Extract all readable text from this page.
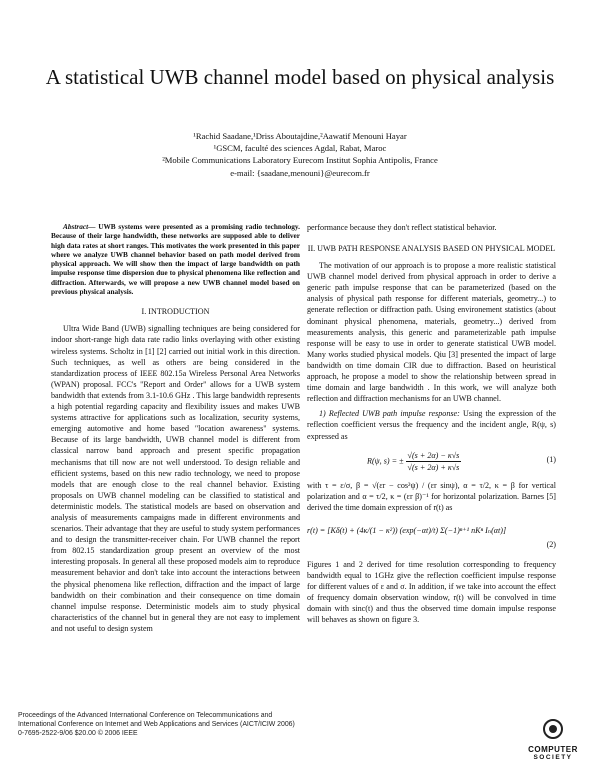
A statistical UWB channel model based on physical analysis
¹Rachid Saadane,¹Driss Aboutajdine,²Aawatif Menouni Hayar
¹GSCM, faculté des sciences Agdal, Rabat, Maroc
²Mobile Communications Laboratory Eurecom Institut Sophia Antipolis, France
e-mail: {saadane,menouni}@eurecom.fr

Abstract— UWB systems were presented as a promising radio technology. Because of their large handwidth, these networks are supposed able to deliver high data rates at short ranges. This motivates the work presented in this paper where we analyze UWB channel behavior based on path model derived from physical approach. We will show then the impact of large bandwidth on path impulse response time dispersion due to physical phenomena like reflection and diffraction. Afterwards, we will propose a new UWB channel model based on previous physical analysis.

I. INTRODUCTION

Ultra Wide Band (UWB) signalling techniques are being considered for indoor short-range high data rate radio links overlaying with other existing wireless systems. Scholtz in [1] [2] carried out initial work in this direction. Such techniques, as well as others are being considered in the standardization process of IEEE 802.15a Wireless Personal Area Networks (WPAN) proposal. FCC's "Report and Order" allows for a UWB system bandwidth that extends from 3.1-10.6 GHz . This large bandwidth represents a high potential regarding capacity and flexibility issues and makes UWB systems attractive for applications such as localization, security systems, emerging automotive and home based "location awareness" systems. Because of its large bandwidth, UWB channel model is different from classical narrow band approach and present specific propagation mechanisms that till now are not well understood. To design reliable and efficient systems, based on this new radio technology, we need to propose models that are enough close to the real channel behavior. Existing proposals on UWB channel modeling can be classified to statistical and deterministic models. The statistical models are based on observation and analysis of measurements campaigns made in different environments and scenarios. Their advantage that they are useful to study system performances and to design the transmitter-receiver chain. For UWB channel the report from 802.15 standardization group present an overview of the most interesting proposals. In general all these proposed models aim to reproduce measurement behavior and don't take into account the interactions between the physical phenomena like reflection, diffraction and the impact of large bandwidth on their combination and their consequence on time domain channel impulse response. Deterministic models aim to study physical characteristics of the channel but in general they are not easy to implement and not useful to design system

performance because they don't reflect statistical behavior.

II. UWB PATH RESPONSE ANALYSIS BASED ON PHYSICAL MODEL

The motivation of our approach is to propose a more realistic statistical UWB channel model derived from physical approach in order to derive a generic path impulse response that can be parameterized (based on the analysis of physical path response for different materials, geometry...) to generate reflection or diffraction path. Using environement statistics (about dominant physical phenomena, materials, geometry...) derived from measurements analysis, this generic and parameterizable path impulse response will be easy to use in order to generate statistical UWB model. Many works studied physical models. Qiu [3] presented the impact of large bandwidth on time domain CIR due to diffraction. Based on heuristical approach, he propose a model to show the relationship between spread in time domain and large bandwidth . In this work, we will analyze both reflection and diffraction mechanisms for an UWB channel.

1) Reflected UWB path impulse response: Using the expression of the reflection coefficient versus the frequency and the incident angle, R(ψ, s) expressed as

R(ψ, s) = ± $\frac{√(s + 2\alpha) - \kappa√s}{√(s + 2\alpha) + \kappa√s}$	(1)

with τ = ε/σ, β = √(εr − cos²ψ) / (εr sinψ), α = τ/2, κ = β for vertical polarization and α = τ/2, κ = (εr β)⁻¹ for horizontal polarization. Barnes [5] derived the time domain expression of r(t) as

r(t) = [Kδ(t) + (4κ/(1 − κ²)) (exp(−αt)/t) Σ(−1)ⁿ⁺¹ nKⁿ Iₙ(αt)]
(2)

Figures 1 and 2 derived for time resolution corresponding to frequency bandwidth equal to 1GHz give the reflection coefficient impulse response for different values of ε and σ. In addition, if we take into account the effect of frequency domain observation window, r(t) will be convolved in time domain with sinc(t) and thus the observed time domain impulse response will behaves as shown on figure 3.

Proceedings of the Advanced International Conference on Telecommunications and
International Conference on Internet and Web Applications and Services (AICT/ICIW 2006)
0-7695-2522-9/06 $20.00 © 2006 IEEE
COMPUTER
SOCIETY
